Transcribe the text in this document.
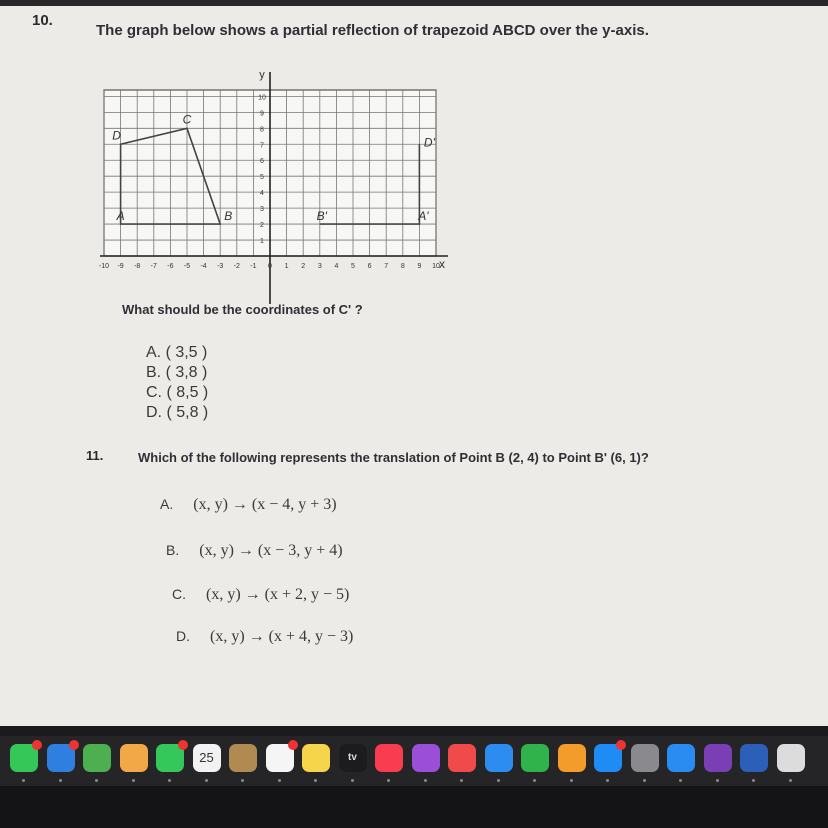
10.
The graph below shows a partial reflection of trapezoid ABCD over the y-axis.
y
x
-10 -9 -8 -7 -6 -5 -4 -3 -2 -1 0 1 2 3 4 5 6 7 8 9 10
1
2
3
4
5
6
7
8
9
10
A	B
C
D
B'	A'
D'
What should be the coordinates of C' ?
A. ( 3,5 )
B. ( 3,8 )
C. ( 8,5 )
D. ( 5,8 )
11.	Which of the following represents the translation of Point B (2, 4) to Point B' (6, 1)?
A. (x, y) → (x − 4, y + 3)
B. (x, y) → (x − 3, y + 4)
C. (x, y) → (x + 2, y − 5)
D. (x, y) → (x + 4, y − 3)
25	tv
